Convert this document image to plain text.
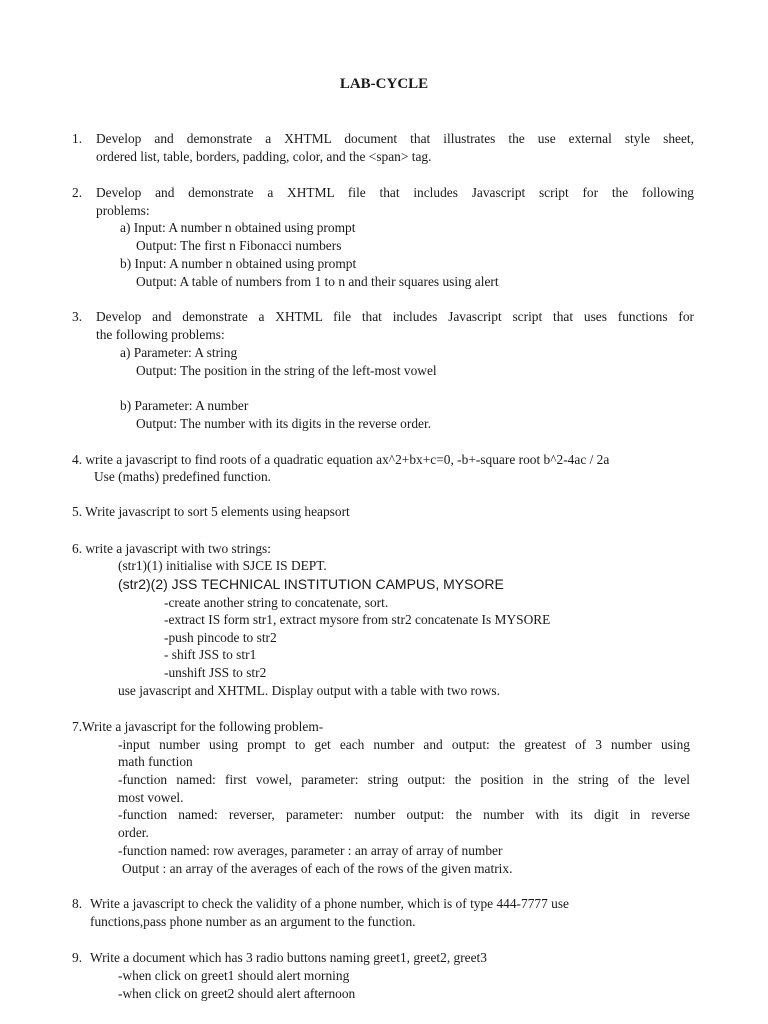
LAB-CYCLE
1. Develop and demonstrate a XHTML document that illustrates the use external style sheet,
ordered list, table, borders, padding, color, and the <span> tag.
2. Develop and demonstrate a XHTML file that includes Javascript script for the following
problems:
a) Input: A number n obtained using prompt
Output: The first n Fibonacci numbers
b) Input: A number n obtained using prompt
Output: A table of numbers from 1 to n and their squares using alert
3. Develop and demonstrate a XHTML file that includes Javascript script that uses functions for
the following problems:
a) Parameter: A string
Output: The position in the string of the left-most vowel
b) Parameter: A number
Output: The number with its digits in the reverse order.
4. write a javascript to find roots of a quadratic equation ax^2+bx+c=0, -b+-square root b^2-4ac / 2a
Use (maths) predefined function.
5. Write javascript to sort 5 elements using heapsort
6. write a javascript with two strings:
(str1)(1) initialise with SJCE IS DEPT.
(str2)(2) JSS TECHNICAL INSTITUTION CAMPUS, MYSORE
-create another string to concatenate, sort.
-extract IS form str1, extract mysore from str2 concatenate Is MYSORE
-push pincode to str2
- shift JSS to str1
-unshift JSS to str2
use javascript and XHTML. Display output with a table with two rows.
7.Write a javascript for the following problem-
-input number using prompt to get each number and output: the greatest of 3 number using
math function
-function named: first vowel, parameter: string output: the position in the string of the level
most vowel.
-function named: reverser, parameter: number output: the number with its digit in reverse
order.
-function named: row averages, parameter : an array of array of number
Output : an array of the averages of each of the rows of the given matrix.
8. Write a javascript to check the validity of a phone number, which is of type 444-7777 use
functions,pass phone number as an argument to the function.
9. Write a document which has 3 radio buttons naming greet1, greet2, greet3
-when click on greet1 should alert morning
-when click on greet2 should alert afternoon
